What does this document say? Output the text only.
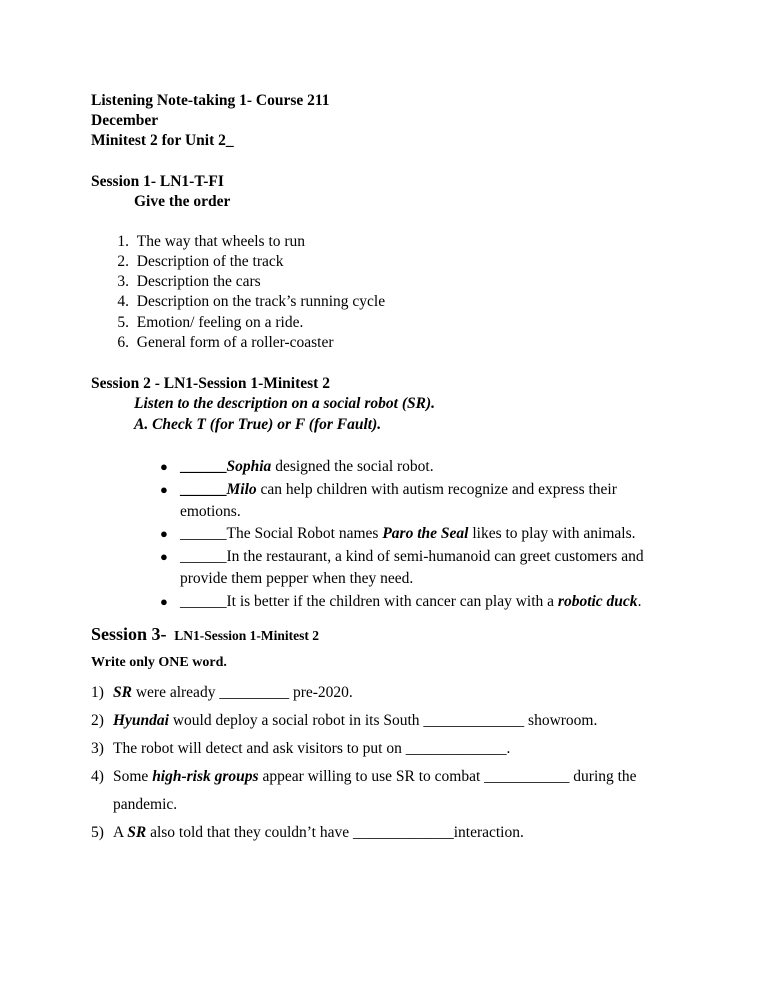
Listening Note-taking 1- Course 211
December
Minitest 2 for Unit 2_
Session 1- LN1-T-FI
Give the order
1. The way that wheels to run
2. Description of the track
3. Description the cars
4. Description on the track’s running cycle
5. Emotion/ feeling on a ride.
6. General form of a roller-coaster
Session 2 - LN1-Session 1-Minitest 2
Listen to the description on a social robot (SR).
A. Check T (for True) or F (for Fault).
● ______Sophia designed the social robot.
● ______Milo can help children with autism recognize and express their
emotions.
● ______The Social Robot names Paro the Seal likes to play with animals.
● ______In the restaurant, a kind of semi-humanoid can greet customers and
provide them pepper when they need.
● ______It is better if the children with cancer can play with a robotic duck.
Session 3- LN1-Session 1-Minitest 2
Write only ONE word.
1) SR were already _________ pre-2020.
2) Hyundai would deploy a social robot in its South _____________ showroom.
3) The robot will detect and ask visitors to put on _____________.
4) Some high-risk groups appear willing to use SR to combat ___________ during the
pandemic.
5) A SR also told that they couldn’t have _____________interaction.
